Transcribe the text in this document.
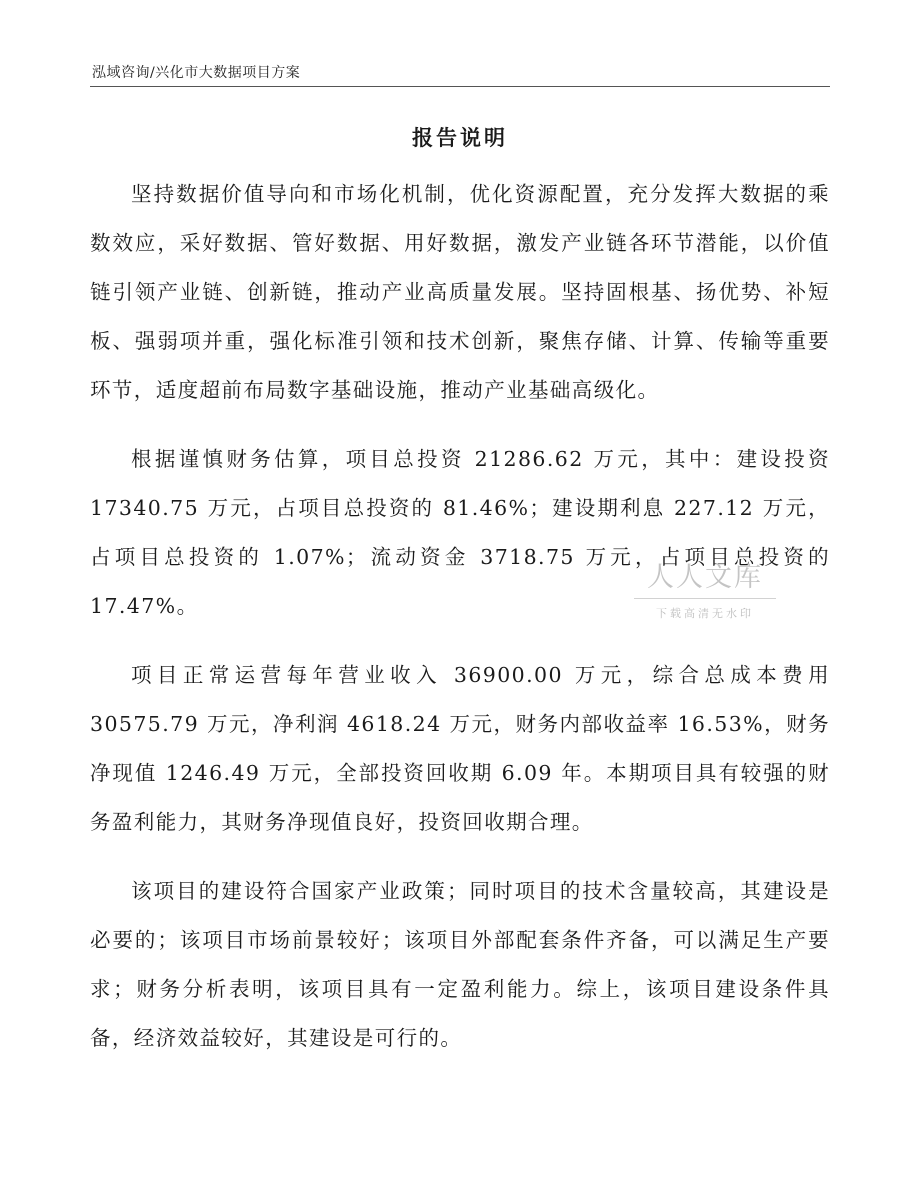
泓域咨询/兴化市大数据项目方案
报告说明

坚持数据价值导向和市场化机制，优化资源配置，充分发挥大数据的乘数效应，采好数据、管好数据、用好数据，激发产业链各环节潜能，以价值链引领产业链、创新链，推动产业高质量发展。坚持固根基、扬优势、补短板、强弱项并重，强化标准引领和技术创新，聚焦存储、计算、传输等重要环节，适度超前布局数字基础设施，推动产业基础高级化。

根据谨慎财务估算，项目总投资 21286.62 万元，其中：建设投资 17340.75 万元，占项目总投资的 81.46%；建设期利息 227.12 万元，占项目总投资的 1.07%；流动资金 3718.75 万元，占项目总投资的 17.47%。

项目正常运营每年营业收入 36900.00 万元，综合总成本费用 30575.79 万元，净利润 4618.24 万元，财务内部收益率 16.53%，财务净现值 1246.49 万元，全部投资回收期 6.09 年。本期项目具有较强的财务盈利能力，其财务净现值良好，投资回收期合理。

该项目的建设符合国家产业政策；同时项目的技术含量较高，其建设是必要的；该项目市场前景较好；该项目外部配套条件齐备，可以满足生产要求；财务分析表明，该项目具有一定盈利能力。综上，该项目建设条件具备，经济效益较好，其建设是可行的。

人人文库
下载高清无水印
